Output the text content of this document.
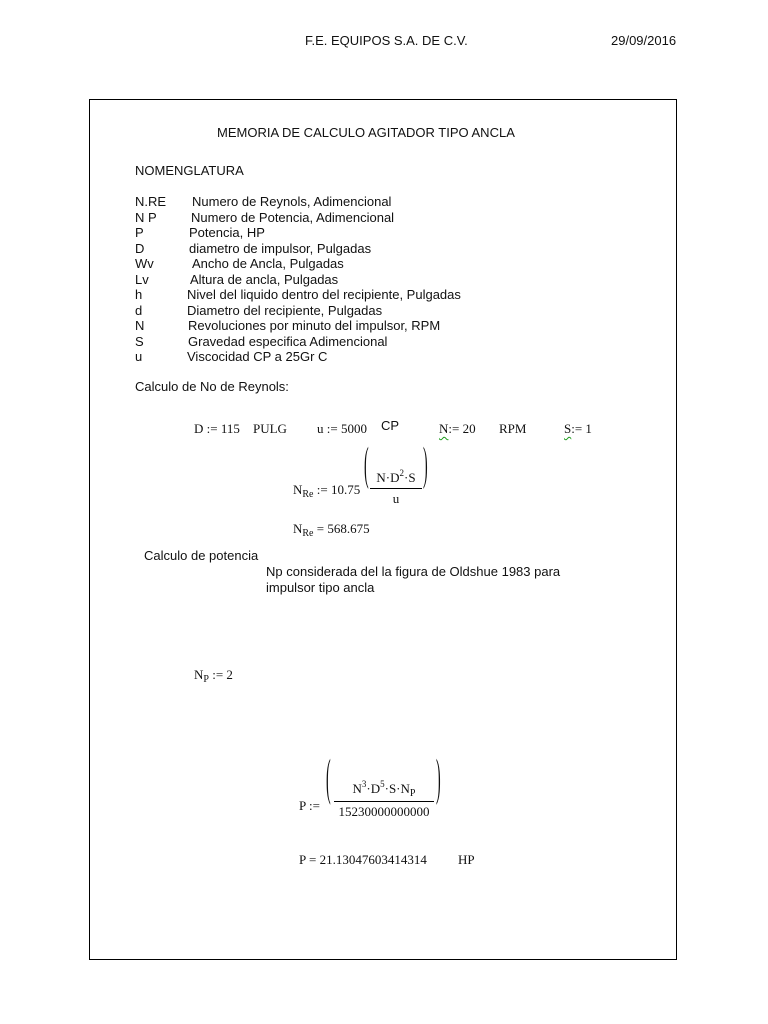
F.E. EQUIPOS S.A. DE C.V.	29/09/2016
MEMORIA DE CALCULO AGITADOR TIPO ANCLA
NOMENGLATURA
N.RE Numero de Reynols, Adimencional
N P	Numero de Potencia, Adimencional
P	Potencia, HP
D	diametro de impulsor, Pulgadas
Wv	Ancho de Ancla, Pulgadas
Lv	Altura de ancla, Pulgadas
h	Nivel del liquido dentro del recipiente, Pulgadas
d	Diametro del recipiente, Pulgadas
N	Revoluciones por minuto del impulsor, RPM
S	Gravedad especifica Adimencional
u	Viscocidad CP a 25Gr C
Calculo de No de Reynols:
D := 115 PULG u := 5000 CP	N:= 20 RPM	S:= 1
$N_{Re}$ := 10.75 ( $N\cdot D^2\cdot S$
u
)
$N_{Re} = 568.675$
Calculo de potencia
Np considerada del la figura de Oldshue 1983 para
impulsor tipo ancla
$N_P$ := 2
P := ( $N^3\cdot D^5\cdot S\cdot N_P$
15230000000000
)
P = 21.13047603414314 HP
